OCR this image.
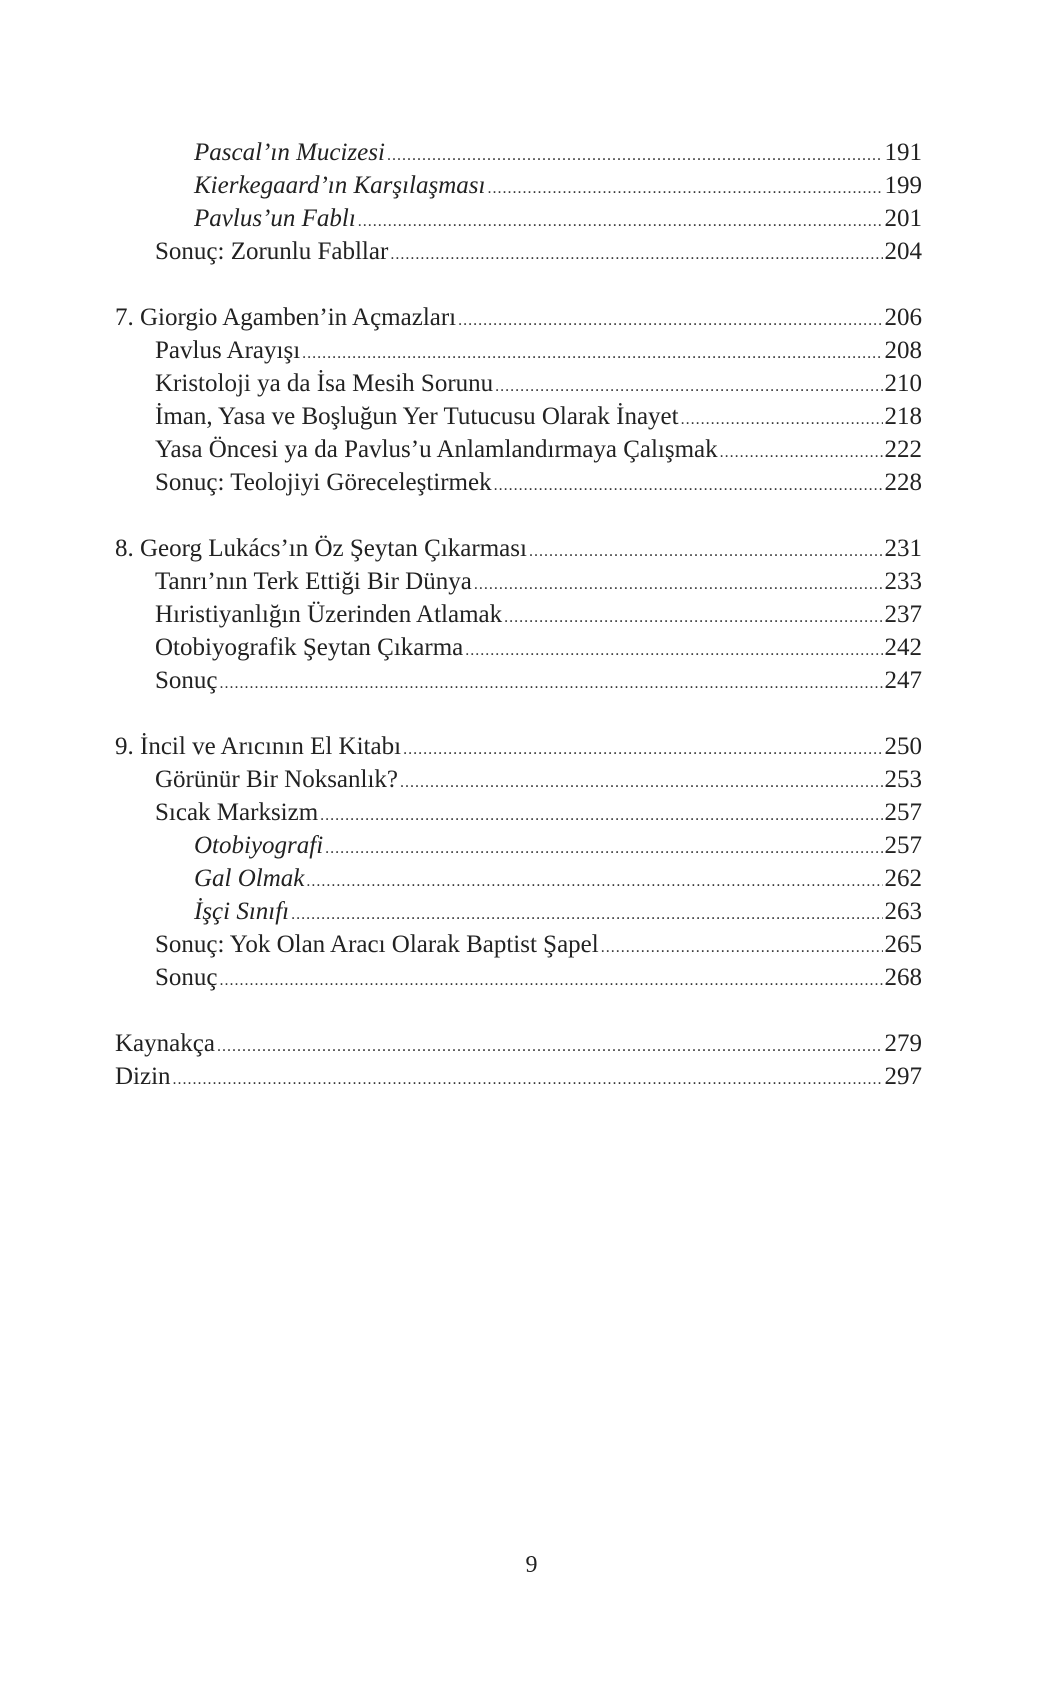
Pascal’ın Mucizesi .....	191
Kierkegaard’ın Karşılaşması .....	199
Pavlus’un Fablı .....	201
Sonuç: Zorunlu Fabllar .....	204
7. Giorgio Agamben’in Açmazları .....	206
Pavlus Arayışı .....	208
Kristoloji ya da İsa Mesih Sorunu .....	210
İman, Yasa ve Boşluğun Yer Tutucusu Olarak İnayet .....	218
Yasa Öncesi ya da Pavlus’u Anlamlandırmaya Çalışmak .....	222
Sonuç: Teolojiyi Göreceleştirmek .....	228
8. Georg Lukács’ın Öz Şeytan Çıkarması .....	231
Tanrı’nın Terk Ettiği Bir Dünya .....	233
Hıristiyanlığın Üzerinden Atlamak .....	237
Otobiyografik Şeytan Çıkarma .....	242
Sonuç .....	247
9. İncil ve Arıcının El Kitabı .....	250
Görünür Bir Noksanlık? .....	253
Sıcak Marksizm .....	257
Otobiyografi .....	257
Gal Olmak .....	262
İşçi Sınıfı .....	263
Sonuç: Yok Olan Aracı Olarak Baptist Şapel .....	265
Sonuç .....	268
Kaynakça .....	279
Dizin .....	297
9
